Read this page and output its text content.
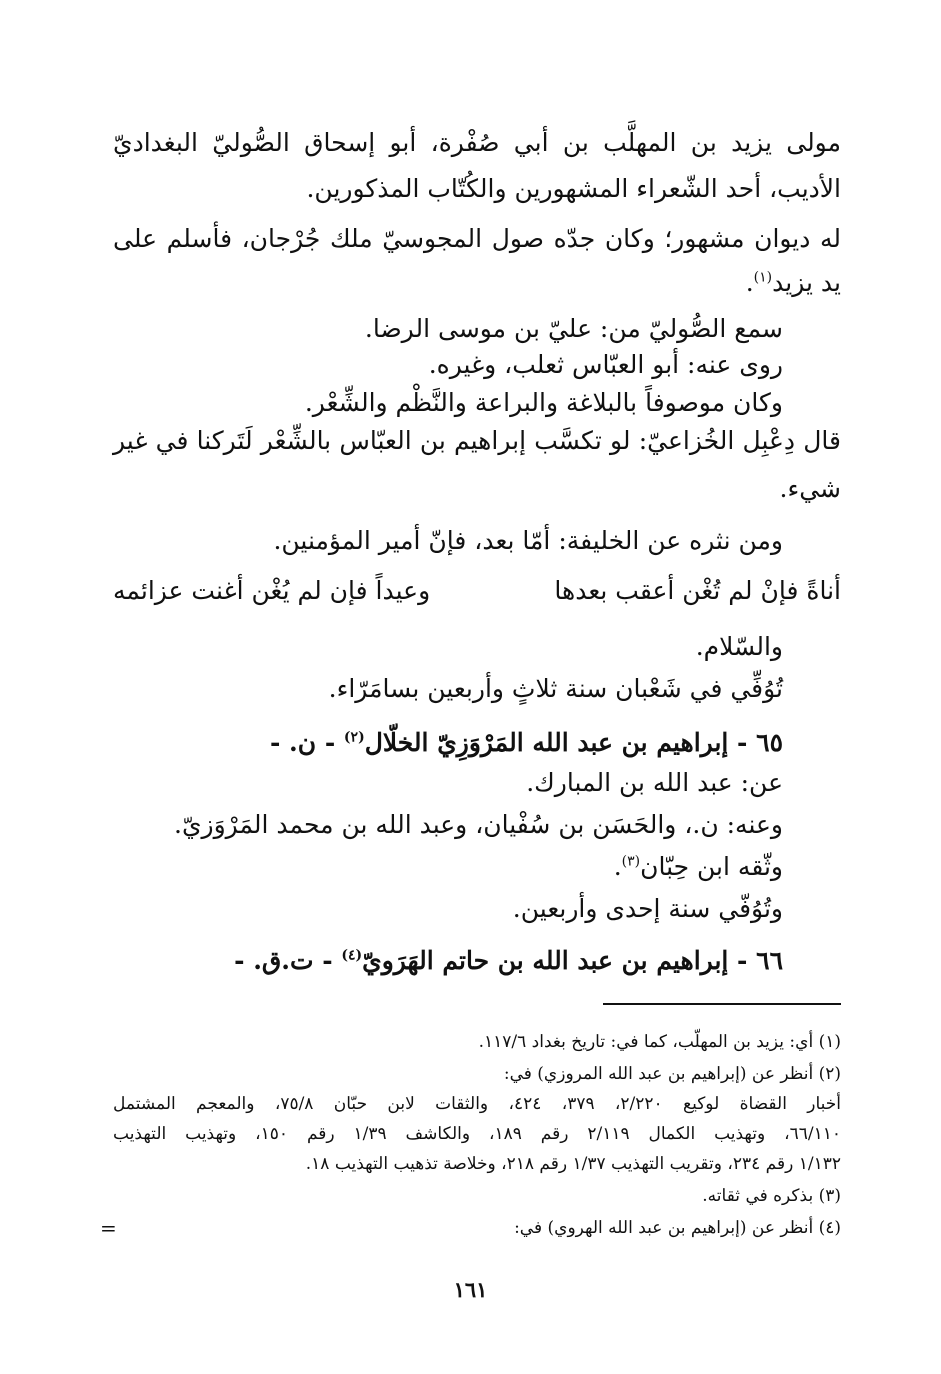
مولى يزيد بن المهلَّب بن أبي صُفْرة، أبو إسحاق الصُّوليّ البغداديّ
الأديب، أحد الشّعراء المشهورين والكُتّاب المذكورين.
له ديوان مشهور؛ وكان جدّه صول المجوسيّ ملك جُرْجان، فأسلم على
يد يزيد$^{(١)}$.
سمع الصُّوليّ من: عليّ بن موسى الرضا.
روى عنه: أبو العبّاس ثعلب، وغيره.
وكان موصوفاً بالبلاغة والبراعة والنَّظْم والشِّعْر.
قال دِعْبِل الخُزاعيّ: لو تكسَّب إبراهيم بن العبّاس بالشِّعْر لَتَركنا في غير
شيء.
ومن نثره عن الخليفة: أمّا بعد، فإنّ أمير المؤمنين.
أناةً فإنْ لم تُغْن أعقب بعدها
وعيداً فإن لم يُغْن أغنت عزائمه
والسّلام.
تُوُفِّي في شَعْبان سنة ثلاثٍ وأربعين بسامَرّاء.
٦٥ - إبراهيم بن عبد الله المَرْوَزِيّ الخلّال$^{(٢)}$ - ن. -
عن: عبد الله بن المبارك.
وعنه: ن.، والحَسَن بن سُفْيان، وعبد الله بن محمد المَرْوَزيّ.
وثّقه ابن حِبّان$^{(٣)}$.
وتُوُفّي سنة إحدى وأربعين.
٦٦ - إبراهيم بن عبد الله بن حاتم الهَرَويّ$^{(٤)}$ - ت.ق. -
(١) أي: يزيد بن المهلّب، كما في: تاريخ بغداد ١١٧/٦.
(٢) أنظر عن (إبراهيم بن عبد الله المروزي) في:
أخبار القضاة لوكيع ٢/٢٢٠، ٣٧٩، ٤٢٤، والثقات لابن حبّان ٧٥/٨، والمعجم المشتمل
٦٦/١١٠، وتهذيب الكمال ٢/١١٩ رقم ١٨٩، والكاشف ١/٣٩ رقم ١٥٠، وتهذيب التهذيب
١/١٣٢ رقم ٢٣٤، وتقريب التهذيب ١/٣٧ رقم ٢١٨، وخلاصة تذهيب التهذيب ١٨.
(٣) بذكره في ثقاته.
(٤) أنظر عن (إبراهيم بن عبد الله الهروي) في:
=
١٦١
